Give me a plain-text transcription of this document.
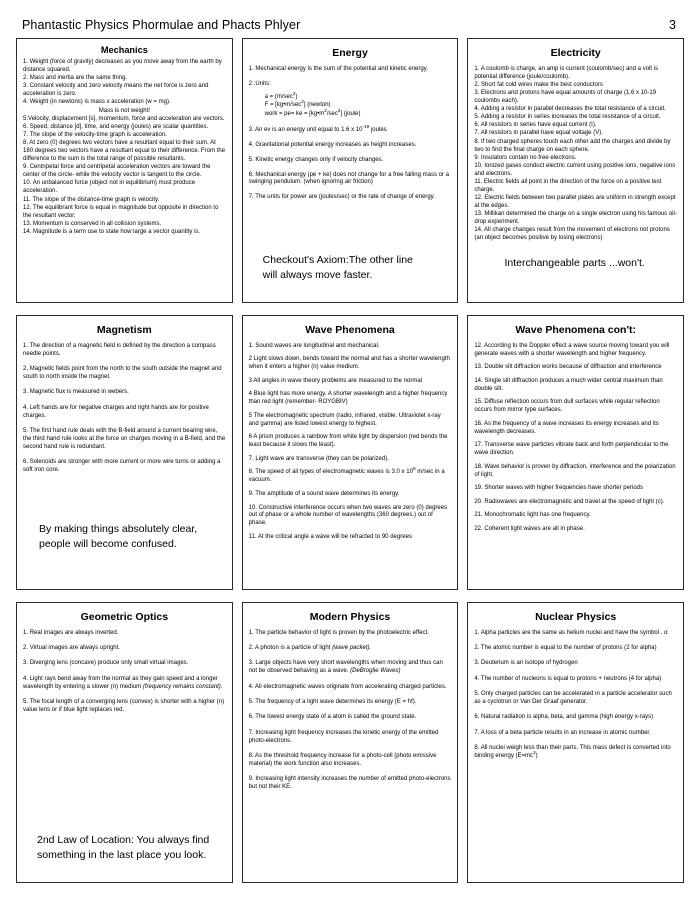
Phantastic Physics Phormulae and Phacts Phlyer	3
Mechanics
1. Weight (force of gravity) decreases as you move away from the earth by distance squared.
2. Mass and inertia are the same thing.
3. Constant velocity and zero velocity means the net force is zero and acceleration is zero.
4. Weight (in newtons) is mass x acceleration (w = mg).
Mass is not weight!
5.Velocity, displacement [s], momentum, force and acceleration are vectors.
6. Speed, distance [d], time, and energy (joules) are scalar quantities.
7. The slope of the velocity-time graph is acceleration.
8. At zero (0) degrees two vectors have a resultant equal to their sum. At 180 degrees two vectors have a resultant equal to their difference. From the difference to the sum is the total range of possible resultants.
9. Centripetal force and centripetal acceleration vectors are toward the center of the circle- while the velocity vector is tangent to the circle.
10. An unbalanced force (object not in equilibrium) must produce acceleration.
11. The slope of the distance-time graph is velocity.
12. The equilibrant force is equal in magnitude but opposite in direction to the resultant vector.
13. Momentum is conserved in all collision systems.
14. Magnitude is a term use to state how large a vector quantity is.
Energy
1. Mechanical energy is the sum of the potential and kinetic energy.
2 .Units:
$a = (m/\sec^2)$
$F = [kg•m/\sec^2]$ (newton)
work = pe= ke = $[kg•m^2/\sec^2]$ (joule)
3. An ev is an energy unit equal to 1.6 x $10^{-19}$ joules
4. Gravitational potential energy increases as height increases.
5. Kinetic energy changes only if velocity changes.
6. Mechanical energy (pe + ke) does not change for a free falling mass or a swinging pendulum. (when ignoring air friction)
7. The units for power are (joules/sec) or the rate of change of energy.
Checkout's Axiom:The other line
will always move faster.
Electricity
1. A coulomb is charge, an amp is current (coulomb/sec) and a volt is potential difference (joule/coulomb).
2. Short fat cold wires make the best conductors
3. Electrons and protons have equal amounts of charge (1.6 x 10-19 coulombs each).
4. Adding a resistor in parallel decreases the total resistance of a circuit.
5. Adding a resistor in series increases the total resistance of a circuit.
6. All resistors in series have equal current (I).
7. All resistors in parallel have equal voltage (V).
8. If two charged spheres touch each other add the charges and divide by two to find the final charge on each sphere.
9. Insulators contain no free electrons.
10. Ionized gases conduct electric current using positive ions, negative ions and electrons.
11. Electric fields all point in the direction of the force on a positive test charge.
12. Electric fields between two parallel plates are uniform in strength except at the edges.
13. Millikan determined the charge on a single electron using his famous oil-drop experiment.
14. All charge changes result from the movement of electrons not protons (an object becomes positive by losing electrons)
Interchangeable parts ...won't.
Magnetism
1. The direction of a magnetic field is defined by the direction a compass needle points.
2. Magnetic fields point from the north to the south outside the magnet and south to north inside the magnet.
3. Magnetic flux is measured in webers.
4. Left hands are for negative charges and right hands are for positive charges.
5. The first hand rule deals with the B-field around a current bearing wire, the third hand rule looks at the force on charges moving in a B-field, and the second hand rule is redundant.
6. Solenoids are stronger with more current or more wire turns or adding a soft iron core.
By making things absolutely clear,
people will become confused.
Wave Phenomena
1. Sound waves are longitudinal and mechanical.
2 Light slows down, bends toward the normal and has a shorter wavelength when it enters a higher (n) value medium.
3 All angles in wave theory problems are measured to the normal
4 Blue light has more energy. A shorter wavelength and a higher frequency than red light (remember- ROYGBIV)
5 The electromagnetic spectrum (radio, infrared, visible. Ultraviolet x-ray and gamma) are listed lowest energy to highest.
6 A prism produces a rainbow from white light by dispersion (red bends the least because it slows the least).
7. Light wave are transverse (they can be polarized).
8. The speed of all types of electromagnetic waves is 3.0 x $10^8$ m/sec in a vacuum.
9. The amplitude of a sound wave determines its energy.
10. Constructive interference occurs when two waves are zero (0) degrees out of phase or a whole number of wavelengths (360 degrees.) out of phase.
11. At the critical angle a wave will be refracted to 90 degrees
Wave Phenomena con't:
12. According to the Doppler effect a wave source moving toward you will generate waves with a shorter wavelength and higher frequency.
13. Double slit diffraction works because of diffraction and interference
14. Single slit diffraction produces a much wider central maximum than double slit.
15. Diffuse reflection occurs from dull surfaces while regular reflection occurs from mirror type surfaces.
16. As the frequency of a wave increases its energy increases and its wavelength decreases.
17. Transverse wave particles vibrate back and forth perpendicular to the wave direction.
18. Wave behavior is proven by diffraction, interference and the polarization of light.
19. Shorter waves with higher frequencies have shorter periods
20. Radiowaves are electromagnetic and travel at the speed of light (c).
21. Monochromatic light has one frequency.
22. Coherent light waves are all in phase.
Geometric Optics
1. Real images are always inverted.
2. Virtual images are always upright.
3. Diverging lens (concave) produce only small virtual images.
4. Light rays bend away from the normal as they gain speed and a longer wavelength by entering a slower (n) medium (frequency remains constant).
5. The focal length of a converging lens (convex) is shorter with a higher (n) value lens or if blue light replaces red.
2nd Law of Location: You always find
something in the last place you look.
Modern Physics
1. The particle behavior of light is proven by the photoelectric effect.
2. A photon is a particle of light (wave packet).
3. Large objects have very short wavelengths when moving and thus can not be observed behaving as a wave. (DeBroglie Waves)
4. All electromagnetic waves originate from accelerating charged particles.
5. The frequency of a light wave determines its energy (E = hf).
6. The lowest energy state of a atom is called the ground state.
7. Increasing light frequency increases the kinetic energy of the emitted photo-electrons.
8. As the threshold frequency increase for a photo-cell (photo emissive material) the work function also increases.
9. Increasing light intensity increases the number of emitted photo-electrons but not their KE.
Nuclear Physics
1. Alpha particles are the same as helium nuclei and have the symbol . α
2. The atomic number is equal to the number of protons (2 for alpha)
3. Deuterium is an isotope of hydrogen
4. The number of nucleons is equal to protons + neutrons (4 for alpha)
5. Only charged particles can be accelerated in a particle accelerator such as a cyclotron or Van Der Graaf generator.
6. Natural radiation is alpha, beta, and gamma (high energy x-rays)
7. A loss of a beta particle results in an increase in atomic number.
8. All nuclei weigh less than their parts. This mass defect is converted into binding energy $(E=mc^2)$
